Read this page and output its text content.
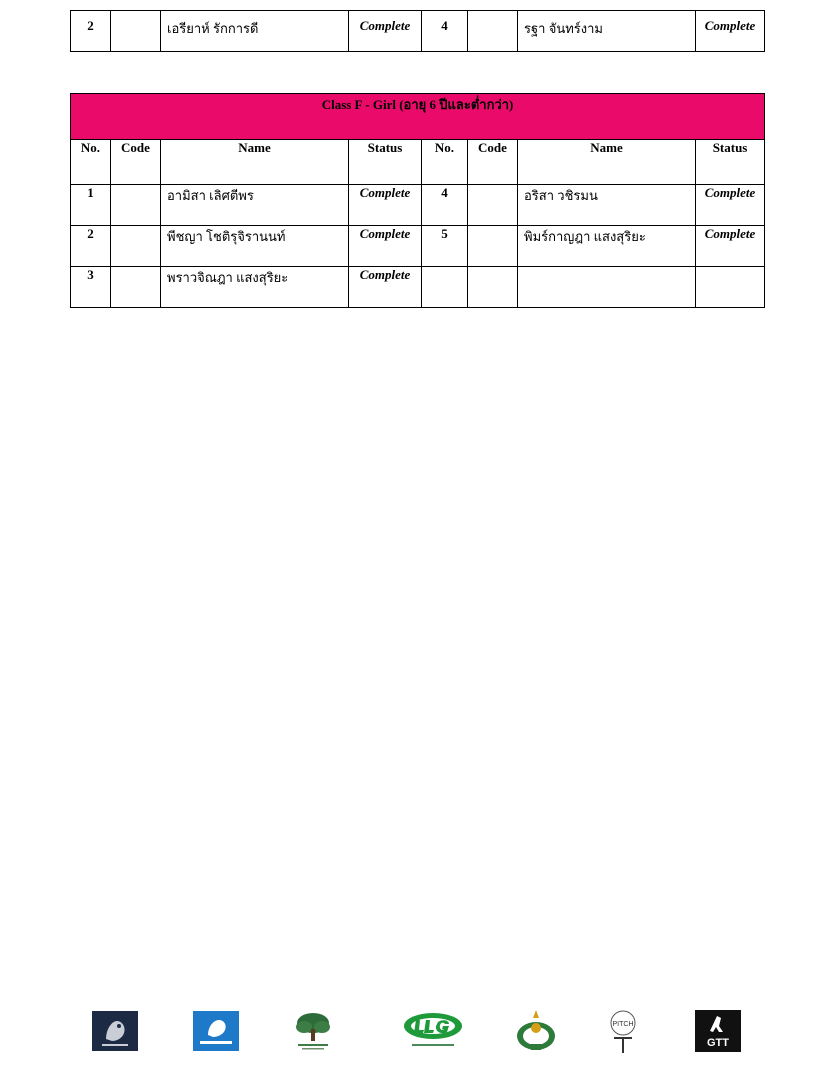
2		เอรียาห์ รักการดี	Complete	4		รฐา จันทร์งาม	Complete
Class F - Girl (อายุ 6 ปีและต่ำกว่า)							
No.	Code	Name	Status	No.	Code	Name	Status
1		อามิสา เลิศตีพร	Complete	4		อริสา วชิรมน	Complete
2		พีชญา โชติรุจิรานนท์	Complete	5		พิมร์กาญฎา แสงสุริยะ	Complete
3		พราวจิณฎา แสงสุริยะ	Complete				
PITCH
GTT
